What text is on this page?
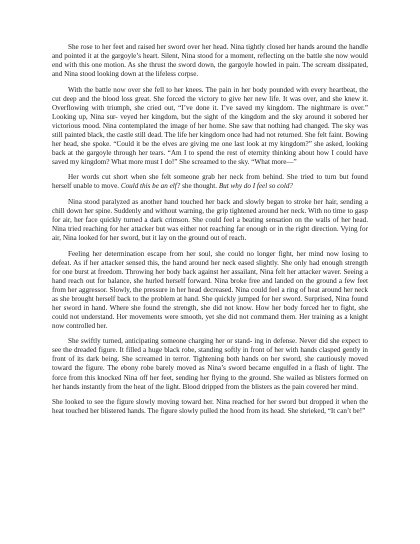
She rose to her feet and raised her sword over her head. Nina tightly closed her hands around the handle and pointed it at the gargoyle’s heart. Silent, Nina stood for a moment, reflecting on the battle she now would end with this one motion. As she thrust the sword down, the gargoyle howled in pain. The scream dissipated, and Nina stood looking down at the lifeless corpse.

With the battle now over she fell to her knees. The pain in her body pounded with every heartbeat, the cut deep and the blood loss great. She forced the victory to give her new life. It was over, and she knew it. Overflowing with triumph, she cried out, “I’ve done it. I’ve saved my kingdom. The nightmare is over.” Looking up, Nina sur- veyed her kingdom, but the sight of the kingdom and the sky around it sobered her victorious mood. Nina contemplated the image of her home. She saw that nothing had changed. The sky was still painted black, the castle still dead. The life her kingdom once had had not returned. She felt faint. Bowing her head, she spoke. “Could it be the elves are giving me one last look at my kingdom?” she asked, looking back at the gargoyle through her tears. “Am I to spend the rest of eternity thinking about how I could have saved my kingdom? What more must I do!” She screamed to the sky. “What more—”

Her words cut short when she felt someone grab her neck from behind. She tried to turn but found herself unable to move. Could this be an elf? she thought. But why do I feel so cold?

Nina stood paralyzed as another hand touched her back and slowly began to stroke her hair, sending a chill down her spine. Suddenly and without warning, the grip tightened around her neck. With no time to gasp for air, her face quickly turned a dark crimson. She could feel a beating sensation on the walls of her head. Nina tried reaching for her attacker but was either not reaching far enough or in the right direction. Vying for air, Nina looked for her sword, but it lay on the ground out of reach.

Feeling her determination escape from her soul, she could no longer fight, her mind now losing to defeat. As if her attacker sensed this, the hand around her neck eased slightly. She only had enough strength for one burst at freedom. Throwing her body back against her assailant, Nina felt her attacker waver. Seeing a hand reach out for balance, she hurled herself forward. Nina broke free and landed on the ground a few feet from her aggressor. Slowly, the pressure in her head decreased. Nina could feel a ring of heat around her neck as she brought herself back to the problem at hand. She quickly jumped for her sword. Surprised, Nina found her sword in hand. Where she found the strength, she did not know. How her body forced her to fight, she could not understand. Her movements were smooth, yet she did not command them. Her training as a knight now controlled her.

She swiftly turned, anticipating someone charging her or stand- ing in defense. Never did she expect to see the dreaded figure. It filled a huge black robe, standing softly in front of her with hands clasped gently in front of its dark being. She screamed in terror. Tightening both hands on her sword, she cautiously moved toward the figure. The ebony robe barely moved as Nina’s sword became engulfed in a flash of light. The force from this knocked Nina off her feet, sending her flying to the ground. She wailed as blisters formed on her hands instantly from the heat of the light. Blood dripped from the blisters as the pain covered her mind.

She looked to see the figure slowly moving toward her. Nina reached for her sword but dropped it when the heat touched her blistered hands. The figure slowly pulled the hood from its head. She shrieked, “It can’t be!”
